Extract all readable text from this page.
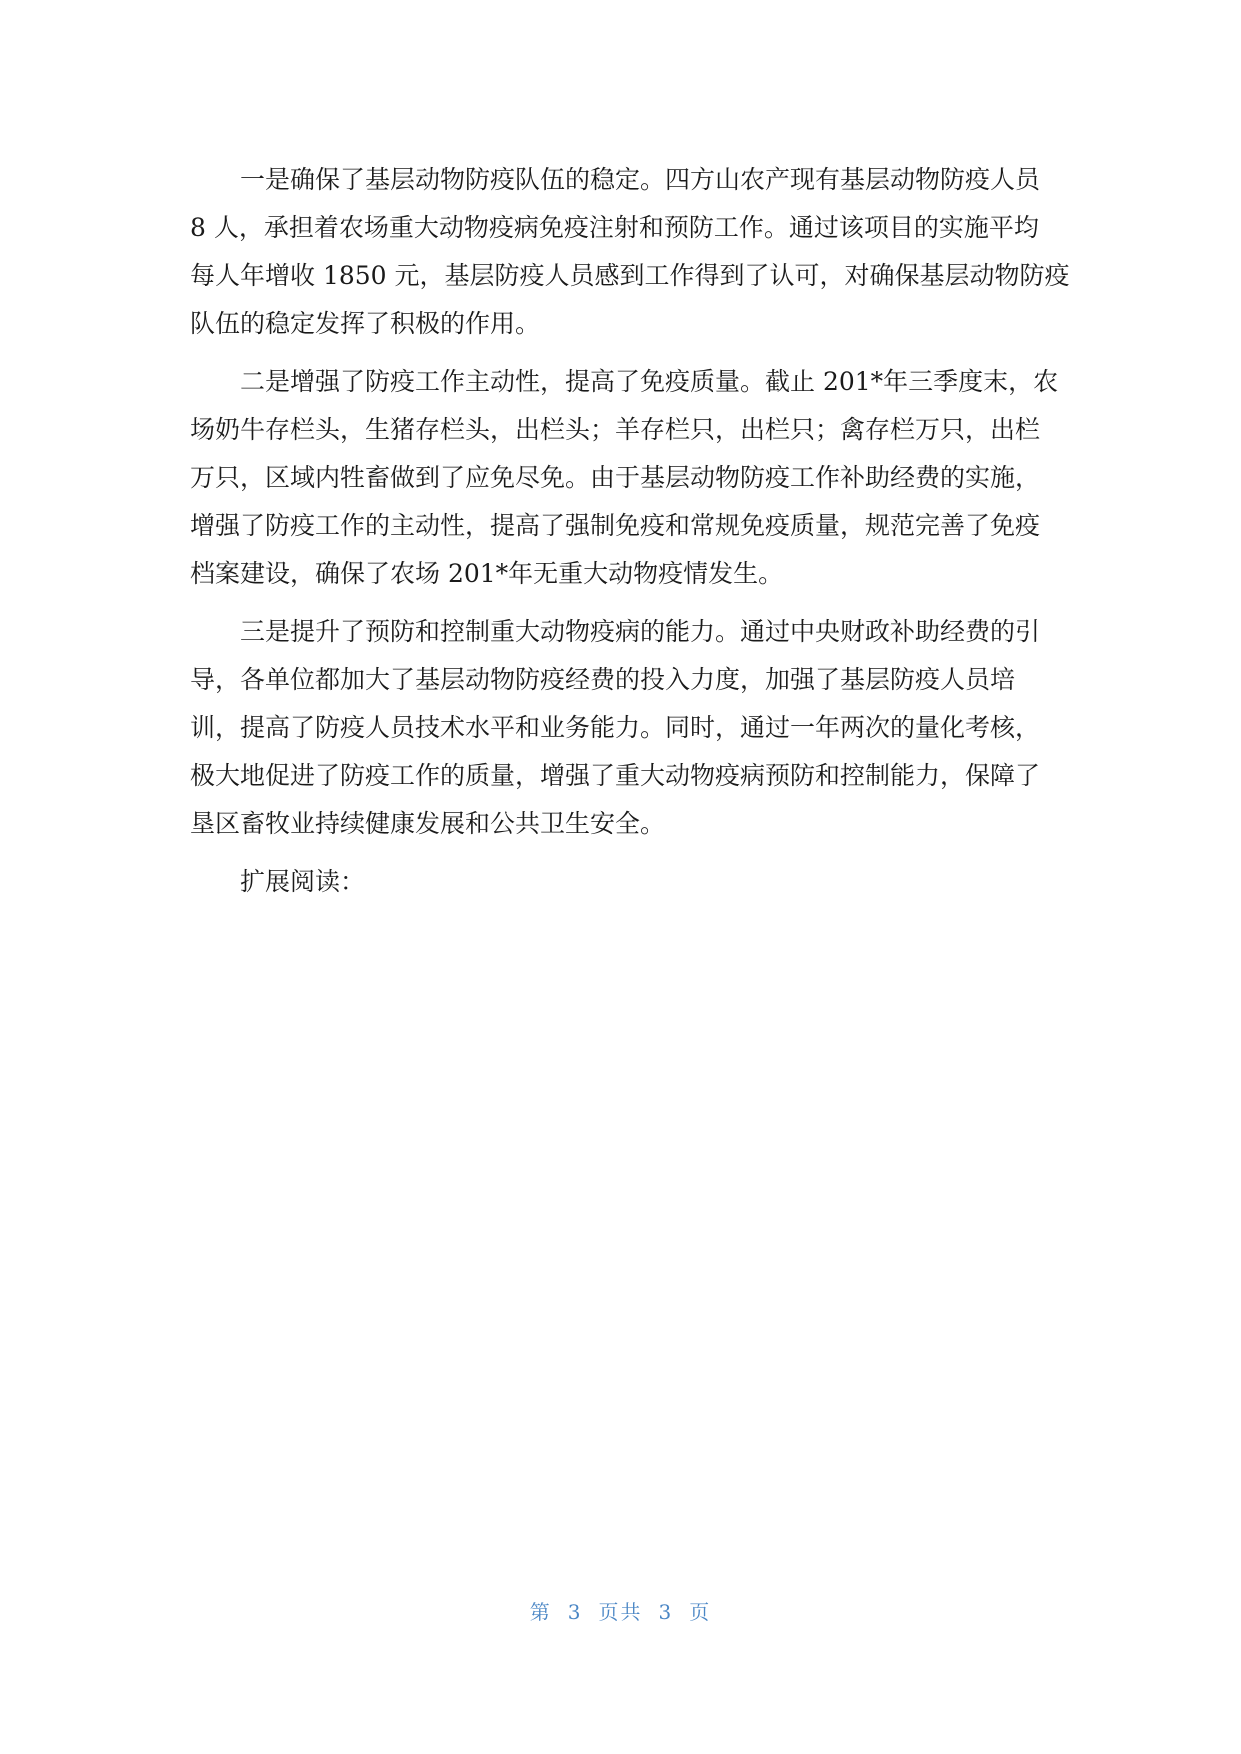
一是确保了基层动物防疫队伍的稳定。四方山农产现有基层动物防疫人员
8 人，承担着农场重大动物疫病免疫注射和预防工作。通过该项目的实施平均
每人年增收 1850 元，基层防疫人员感到工作得到了认可，对确保基层动物防疫
队伍的稳定发挥了积极的作用。
二是增强了防疫工作主动性，提高了免疫质量。截止 201*年三季度末，农
场奶牛存栏头，生猪存栏头，出栏头；羊存栏只，出栏只；禽存栏万只，出栏
万只，区域内牲畜做到了应免尽免。由于基层动物防疫工作补助经费的实施，
增强了防疫工作的主动性，提高了强制免疫和常规免疫质量，规范完善了免疫
档案建设，确保了农场 201*年无重大动物疫情发生。
三是提升了预防和控制重大动物疫病的能力。通过中央财政补助经费的引
导，各单位都加大了基层动物防疫经费的投入力度，加强了基层防疫人员培
训，提高了防疫人员技术水平和业务能力。同时，通过一年两次的量化考核，
极大地促进了防疫工作的质量，增强了重大动物疫病预防和控制能力，保障了
垦区畜牧业持续健康发展和公共卫生安全。
扩展阅读：
第 3 页共 3 页
